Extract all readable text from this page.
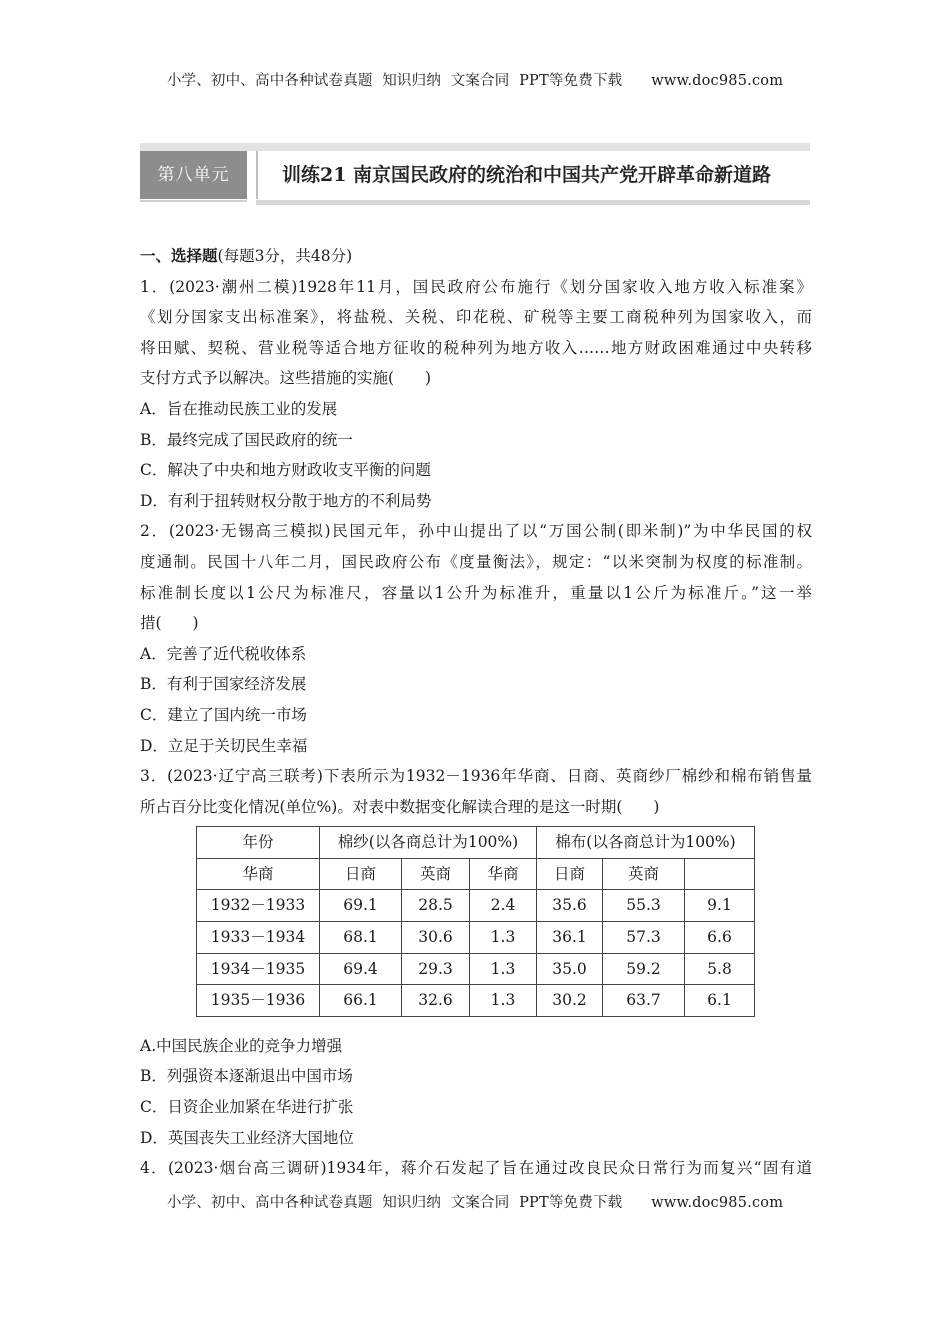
小学、初中、高中各种试卷真题  知识归纳  文案合同  PPT等免费下载 www.doc985.com
第八单元	训练21 南京国民政府的统治和中国共产党开辟革命新道路
一、选择题(每题3分，共48分)
1．(2023·潮州二模)1928年11月，国民政府公布施行《划分国家收入地方收入标准案》
《划分国家支出标准案》，将盐税、关税、印花税、矿税等主要工商税种列为国家收入，而
将田赋、契税、营业税等适合地方征收的税种列为地方收入……地方财政困难通过中央转移
支付方式予以解决。这些措施的实施(　　)
A．旨在推动民族工业的发展
B．最终完成了国民政府的统一
C．解决了中央和地方财政收支平衡的问题
D．有利于扭转财权分散于地方的不利局势
2．(2023·无锡高三模拟)民国元年，孙中山提出了以“万国公制(即米制)”为中华民国的权
度通制。民国十八年二月，国民政府公布《度量衡法》，规定：“以米突制为权度的标准制。
标准制长度以1公尺为标准尺，容量以1公升为标准升，重量以1公斤为标准斤。”这一举
措(　　)
A．完善了近代税收体系
B．有利于国家经济发展
C．建立了国内统一市场
D．立足于关切民生幸福
3．(2023·辽宁高三联考)下表所示为1932－1936年华商、日商、英商纱厂棉纱和棉布销售量
所占百分比变化情况(单位%)。对表中数据变化解读合理的是这一时期(　　)
年份	棉纱(以各商总计为100%)			棉布(以各商总计为100%)		
华商	日商	英商	华商	日商	英商	
1932－1933	69.1	28.5	2.4	35.6	55.3	9.1
1933－1934	68.1	30.6	1.3	36.1	57.3	6.6
1934－1935	69.4	29.3	1.3	35.0	59.2	5.8
1935－1936	66.1	32.6	1.3	30.2	63.7	6.1
A.中国民族企业的竞争力增强
B．列强资本逐渐退出中国市场
C．日资企业加紧在华进行扩张
D．英国丧失工业经济大国地位
4．(2023·烟台高三调研)1934年，蒋介石发起了旨在通过改良民众日常行为而复兴“固有道
小学、初中、高中各种试卷真题  知识归纳  文案合同  PPT等免费下载 www.doc985.com
